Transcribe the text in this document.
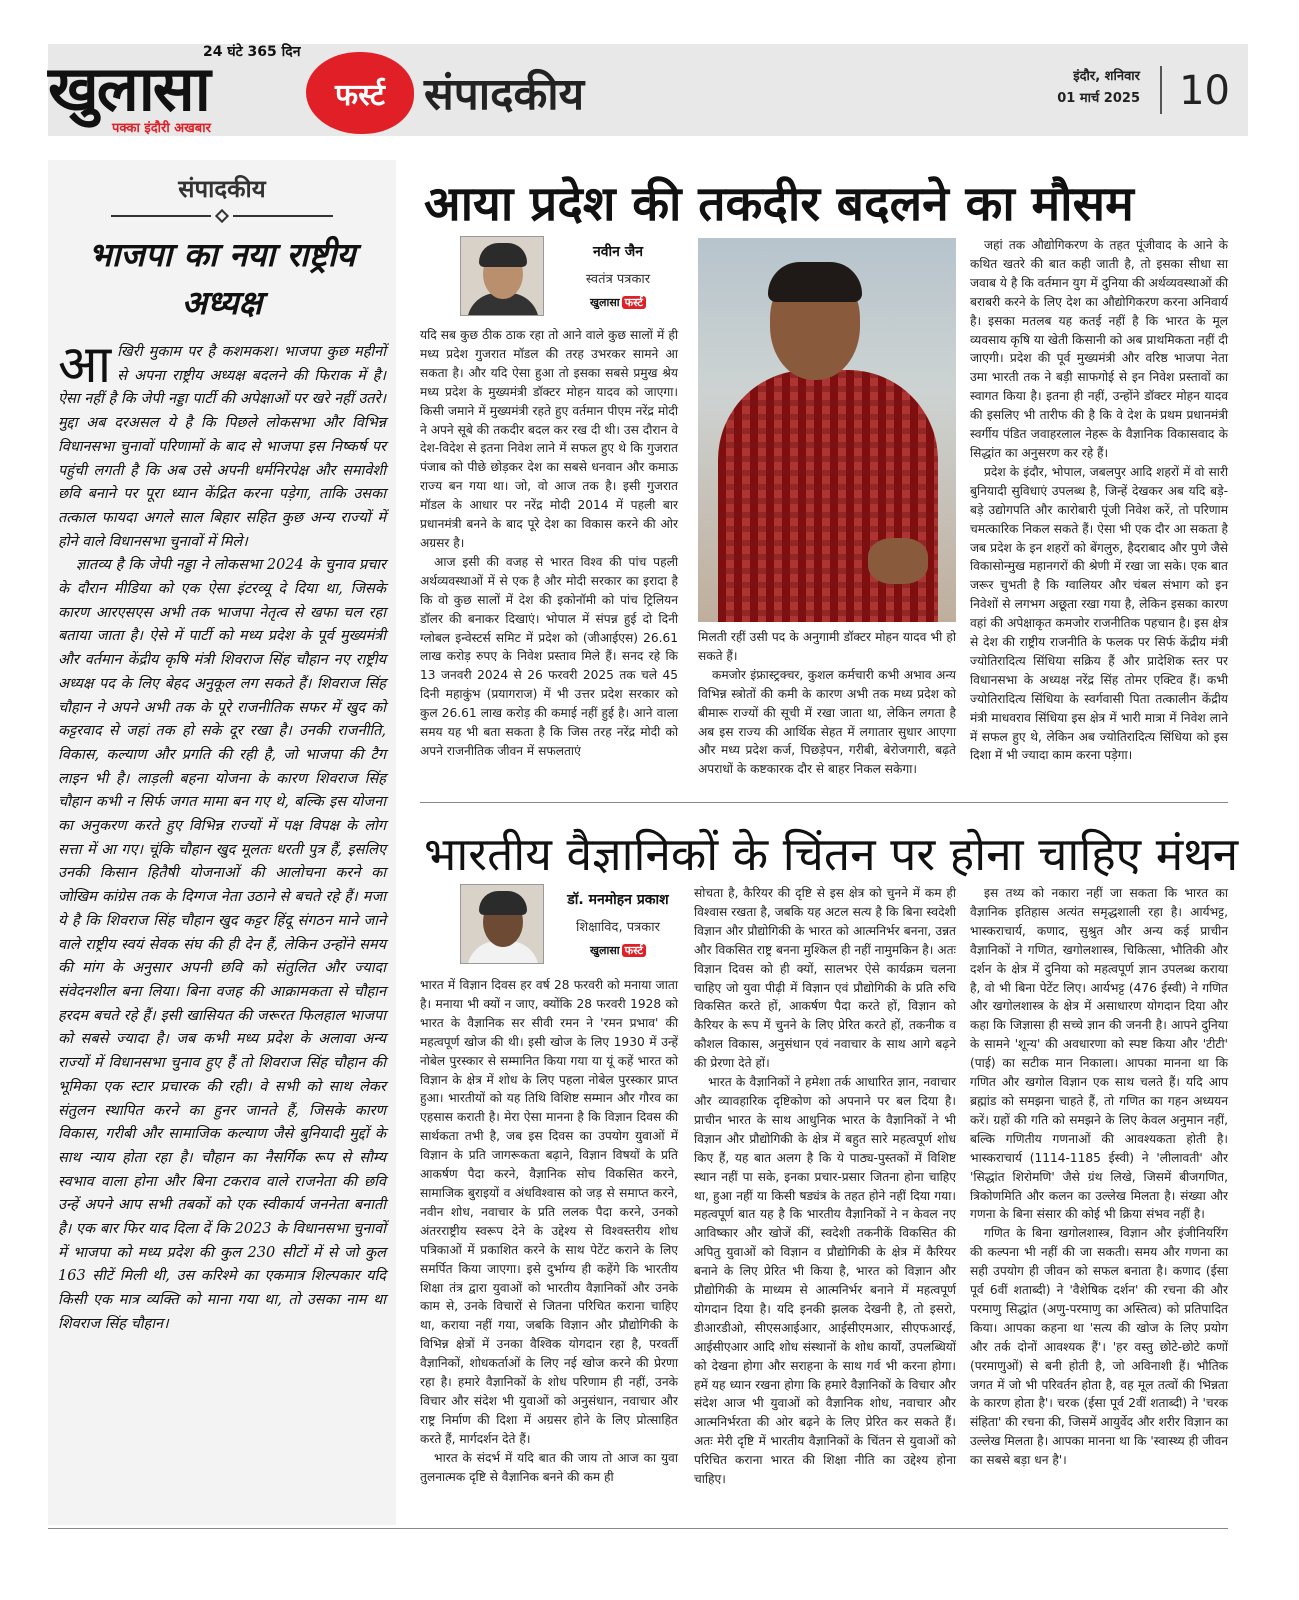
24 घंटे 365 दिन
खुलासा	फर्स्ट
पक्का इंदौरी अखबार
संपादकीय	इंदौर, शनिवार
01 मार्च 2025 10
संपादकीय
भाजपा का नया राष्ट्रीय अध्यक्ष

आखिरी मुकाम पर है कशमकश। भाजपा कुछ महीनों से अपना राष्ट्रीय अध्यक्ष बदलने की फिराक में है। ऐसा नहीं है कि जेपी नड्डा पार्टी की अपेक्षाओं पर खरे नहीं उतरे। मुद्दा अब दरअसल ये है कि पिछले लोकसभा और विभिन्न विधानसभा चुनावों परिणामों के बाद से भाजपा इस निष्कर्ष पर पहुंची लगती है कि अब उसे अपनी धर्मनिरपेक्ष और समावेशी छवि बनाने पर पूरा ध्यान केंद्रित करना पड़ेगा, ताकि उसका तत्काल फायदा अगले साल बिहार सहित कुछ अन्य राज्यों में होने वाले विधानसभा चुनावों में मिले।

ज्ञातव्य है कि जेपी नड्डा ने लोकसभा 2024 के चुनाव प्रचार के दौरान मीडिया को एक ऐसा इंटरव्यू दे दिया था, जिसके कारण आरएसएस अभी तक भाजपा नेतृत्व से खफा चल रहा बताया जाता है। ऐसे में पार्टी को मध्य प्रदेश के पूर्व मुख्यमंत्री और वर्तमान केंद्रीय कृषि मंत्री शिवराज सिंह चौहान नए राष्ट्रीय अध्यक्ष पद के लिए बेहद अनुकूल लग सकते हैं। शिवराज सिंह चौहान ने अपने अभी तक के पूरे राजनीतिक सफर में खुद को कट्टरवाद से जहां तक हो सके दूर रखा है। उनकी राजनीति, विकास, कल्याण और प्रगति की रही है, जो भाजपा की टैग लाइन भी है। लाड़ली बहना योजना के कारण शिवराज सिंह चौहान कभी न सिर्फ जगत मामा बन गए थे, बल्कि इस योजना का अनुकरण करते हुए विभिन्न राज्यों में पक्ष विपक्ष के लोग सत्ता में आ गए। चूंकि चौहान खुद मूलतः धरती पुत्र हैं, इसलिए उनकी किसान हितैषी योजनाओं की आलोचना करने का जोखिम कांग्रेस तक के दिग्गज नेता उठाने से बचते रहे हैं। मजा ये है कि शिवराज सिंह चौहान खुद कट्टर हिंदू संगठन माने जाने वाले राष्ट्रीय स्वयं सेवक संघ की ही देन हैं, लेकिन उन्होंने समय की मांग के अनुसार अपनी छवि को संतुलित और ज्यादा संवेदनशील बना लिया। बिना वजह की आक्रामकता से चौहान हरदम बचते रहे हैं। इसी खासियत की जरूरत फिलहाल भाजपा को सबसे ज्यादा है। जब कभी मध्य प्रदेश के अलावा अन्य राज्यों में विधानसभा चुनाव हुए हैं तो शिवराज सिंह चौहान की भूमिका एक स्टार प्रचारक की रही। वे सभी को साथ लेकर संतुलन स्थापित करने का हुनर जानते हैं, जिसके कारण विकास, गरीबी और सामाजिक कल्याण जैसे बुनियादी मुद्दों के साथ न्याय होता रहा है। चौहान का नैसर्गिक रूप से सौम्य स्वभाव वाला होना और बिना टकराव वाले राजनेता की छवि उन्हें अपने आप सभी तबकों को एक स्वीकार्य जननेता बनाती है। एक बार फिर याद दिला दें कि 2023 के विधानसभा चुनावों में भाजपा को मध्य प्रदेश की कुल 230 सीटों में से जो कुल 163 सीटें मिली थी, उस करिश्मे का एकमात्र शिल्पकार यदि किसी एक मात्र व्यक्ति को माना गया था, तो उसका नाम था शिवराज सिंह चौहान।

आया प्रदेश की तकदीर बदलने का मौसम
नवीन जैन
स्वतंत्र पत्रकार
खुलासा फर्स्ट

यदि सब कुछ ठीक ठाक रहा तो आने वाले कुछ सालों में ही मध्य प्रदेश गुजरात मॉडल की तरह उभरकर सामने आ सकता है। और यदि ऐसा हुआ तो इसका सबसे प्रमुख श्रेय मध्य प्रदेश के मुख्यमंत्री डॉक्टर मोहन यादव को जाएगा। किसी जमाने में मुख्यमंत्री रहते हुए वर्तमान पीएम नरेंद्र मोदी ने अपने सूबे की तकदीर बदल कर रख दी थी। उस दौरान वे देश-विदेश से इतना निवेश लाने में सफल हुए थे कि गुजरात पंजाब को पीछे छोड़कर देश का सबसे धनवान और कमाऊ राज्य बन गया था। जो, वो आज तक है। इसी गुजरात मॉडल के आधार पर नरेंद्र मोदी 2014 में पहली बार प्रधानमंत्री बनने के बाद पूरे देश का विकास करने की ओर अग्रसर है।

आज इसी की वजह से भारत विश्व की पांच पहली अर्थव्यवस्थाओं में से एक है और मोदी सरकार का इरादा है कि वो कुछ सालों में देश की इकोनॉमी को पांच ट्रिलियन डॉलर की बनाकर दिखाएं। भोपाल में संपन्न हुई दो दिनी ग्लोबल इन्वेस्टर्स समिट में प्रदेश को (जीआईएस) 26.61 लाख करोड़ रुपए के निवेश प्रस्ताव मिले हैं। सनद रहे कि 13 जनवरी 2024 से 26 फरवरी 2025 तक चले 45 दिनी महाकुंभ (प्रयागराज) में भी उत्तर प्रदेश सरकार को कुल 26.61 लाख करोड़ की कमाई नहीं हुई है। आने वाला समय यह भी बता सकता है कि जिस तरह नरेंद्र मोदी को अपने राजनीतिक जीवन में सफलताएं

मिलती रहीं उसी पद के अनुगामी डॉक्टर मोहन यादव भी हो सकते हैं।

कमजोर इंफ्रास्ट्रक्चर, कुशल कर्मचारी कभी अभाव अन्य विभिन्न स्त्रोतों की कमी के कारण अभी तक मध्य प्रदेश को बीमारू राज्यों की सूची में रखा जाता था, लेकिन लगता है अब इस राज्य की आर्थिक सेहत में लगातार सुधार आएगा और मध्य प्रदेश कर्ज, पिछड़ेपन, गरीबी, बेरोजगारी, बढ़ते अपराधों के कष्टकारक दौर से बाहर निकल सकेगा।

जहां तक औद्योगिकरण के तहत पूंजीवाद के आने के कथित खतरे की बात कही जाती है, तो इसका सीधा सा जवाब ये है कि वर्तमान युग में दुनिया की अर्थव्यवस्थाओं की बराबरी करने के लिए देश का औद्योगिकरण करना अनिवार्य है। इसका मतलब यह कतई नहीं है कि भारत के मूल व्यवसाय कृषि या खेती किसानी को अब प्राथमिकता नहीं दी जाएगी। प्रदेश की पूर्व मुख्यमंत्री और वरिष्ठ भाजपा नेता उमा भारती तक ने बड़ी साफगोई से इन निवेश प्रस्तावों का स्वागत किया है। इतना ही नहीं, उन्होंने डॉक्टर मोहन यादव की इसलिए भी तारीफ की है कि वे देश के प्रथम प्रधानमंत्री स्वर्गीय पंडित जवाहरलाल नेहरू के वैज्ञानिक विकासवाद के सिद्धांत का अनुसरण कर रहे हैं।

प्रदेश के इंदौर, भोपाल, जबलपुर आदि शहरों में वो सारी बुनियादी सुविधाएं उपलब्ध है, जिन्हें देखकर अब यदि बड़े-बड़े उद्योगपति और कारोबारी पूंजी निवेश करें, तो परिणाम चमत्कारिक निकल सकते हैं। ऐसा भी एक दौर आ सकता है जब प्रदेश के इन शहरों को बेंगलुरु, हैदराबाद और पुणे जैसे विकासोन्मुख महानगरों की श्रेणी में रखा जा सके। एक बात जरूर चुभती है कि ग्वालियर और चंबल संभाग को इन निवेशों से लगभग अछूता रखा गया है, लेकिन इसका कारण वहां की अपेक्षाकृत कमजोर राजनीतिक पहचान है। इस क्षेत्र से देश की राष्ट्रीय राजनीति के फलक पर सिर्फ केंद्रीय मंत्री ज्योतिरादित्य सिंधिया सक्रिय हैं और प्रादेशिक स्तर पर विधानसभा के अध्यक्ष नरेंद्र सिंह तोमर एक्टिव हैं। कभी ज्योतिरादित्य सिंधिया के स्वर्गवासी पिता तत्कालीन केंद्रीय मंत्री माधवराव सिंधिया इस क्षेत्र में भारी मात्रा में निवेश लाने में सफल हुए थे, लेकिन अब ज्योतिरादित्य सिंधिया को इस दिशा में भी ज्यादा काम करना पड़ेगा।

भारतीय वैज्ञानिकों के चिंतन पर होना चाहिए मंथन
डॉ. मनमोहन प्रकाश
शिक्षाविद, पत्रकार
खुलासा फर्स्ट

भारत में विज्ञान दिवस हर वर्ष 28 फरवरी को मनाया जाता है। मनाया भी क्यों न जाए, क्योंकि 28 फरवरी 1928 को भारत के वैज्ञानिक सर सीवी रमन ने 'रमन प्रभाव' की महत्वपूर्ण खोज की थी। इसी खोज के लिए 1930 में उन्हें नोबेल पुरस्कार से सम्मानित किया गया या यूं कहें भारत को विज्ञान के क्षेत्र में शोध के लिए पहला नोबेल पुरस्कार प्राप्त हुआ। भारतीयों को यह तिथि विशिष्ट सम्मान और गौरव का एहसास कराती है। मेरा ऐसा मानना है कि विज्ञान दिवस की सार्थकता तभी है, जब इस दिवस का उपयोग युवाओं में विज्ञान के प्रति जागरूकता बढ़ाने, विज्ञान विषयों के प्रति आकर्षण पैदा करने, वैज्ञानिक सोच विकसित करने, सामाजिक बुराइयों व अंधविश्वास को जड़ से समाप्त करने, नवीन शोध, नवाचार के प्रति ललक पैदा करने, उनको अंतरराष्ट्रीय स्वरूप देने के उद्देश्य से विश्वस्तरीय शोध पत्रिकाओं में प्रकाशित करने के साथ पेटेंट कराने के लिए समर्पित किया जाएगा। इसे दुर्भाग्य ही कहेंगे कि भारतीय शिक्षा तंत्र द्वारा युवाओं को भारतीय वैज्ञानिकों और उनके काम से, उनके विचारों से जितना परिचित कराना चाहिए था, कराया नहीं गया, जबकि विज्ञान और प्रौद्योगिकी के विभिन्न क्षेत्रों में उनका वैश्विक योगदान रहा है, परवर्ती वैज्ञानिकों, शोधकर्ताओं के लिए नई खोज करने की प्रेरणा रहा है। हमारे वैज्ञानिकों के शोध परिणाम ही नहीं, उनके विचार और संदेश भी युवाओं को अनुसंधान, नवाचार और राष्ट्र निर्माण की दिशा में अग्रसर होने के लिए प्रोत्साहित करते हैं, मार्गदर्शन देते हैं।

भारत के संदर्भ में यदि बात की जाय तो आज का युवा तुलनात्मक दृष्टि से वैज्ञानिक बनने की कम ही

सोचता है, कैरियर की दृष्टि से इस क्षेत्र को चुनने में कम ही विश्वास रखता है, जबकि यह अटल सत्य है कि बिना स्वदेशी विज्ञान और प्रौद्योगिकी के भारत को आत्मनिर्भर बनना, उन्नत और विकसित राष्ट्र बनना मुश्किल ही नहीं नामुमकिन है। अतः विज्ञान दिवस को ही क्यों, सालभर ऐसे कार्यक्रम चलना चाहिए जो युवा पीढ़ी में विज्ञान एवं प्रौद्योगिकी के प्रति रुचि विकसित करते हों, आकर्षण पैदा करते हों, विज्ञान को कैरियर के रूप में चुनने के लिए प्रेरित करते हों, तकनीक व कौशल विकास, अनुसंधान एवं नवाचार के साथ आगे बढ़ने की प्रेरणा देते हों।

भारत के वैज्ञानिकों ने हमेशा तर्क आधारित ज्ञान, नवाचार और व्यावहारिक दृष्टिकोण को अपनाने पर बल दिया है। प्राचीन भारत के साथ आधुनिक भारत के वैज्ञानिकों ने भी विज्ञान और प्रौद्योगिकी के क्षेत्र में बहुत सारे महत्वपूर्ण शोध किए हैं, यह बात अलग है कि ये पाठ्य-पुस्तकों में विशिष्ट स्थान नहीं पा सके, इनका प्रचार-प्रसार जितना होना चाहिए था, हुआ नहीं या किसी षड्यंत्र के तहत होने नहीं दिया गया। महत्वपूर्ण बात यह है कि भारतीय वैज्ञानिकों ने न केवल नए आविष्कार और खोजें कीं, स्वदेशी तकनीकें विकसित की अपितु युवाओं को विज्ञान व प्रौद्योगिकी के क्षेत्र में कैरियर बनाने के लिए प्रेरित भी किया है, भारत को विज्ञान और प्रौद्योगिकी के माध्यम से आत्मनिर्भर बनाने में महत्वपूर्ण योगदान दिया है। यदि इनकी झलक देखनी है, तो इसरो, डीआरडीओ, सीएसआईआर, आईसीएमआर, सीएफआरई, आईसीएआर आदि शोध संस्थानों के शोध कार्यों, उपलब्धियों को देखना होगा और सराहना के साथ गर्व भी करना होगा। हमें यह ध्यान रखना होगा कि हमारे वैज्ञानिकों के विचार और संदेश आज भी युवाओं को वैज्ञानिक शोध, नवाचार और आत्मनिर्भरता की ओर बढ़ने के लिए प्रेरित कर सकते हैं। अतः मेरी दृष्टि में भारतीय वैज्ञानिकों के चिंतन से युवाओं को परिचित कराना भारत की शिक्षा नीति का उद्देश्य होना चाहिए।

इस तथ्य को नकारा नहीं जा सकता कि भारत का वैज्ञानिक इतिहास अत्यंत समृद्धशाली रहा है। आर्यभट्ट, भास्कराचार्य, कणाद, सुश्रुत और अन्य कई प्राचीन वैज्ञानिकों ने गणित, खगोलशास्त्र, चिकित्सा, भौतिकी और दर्शन के क्षेत्र में दुनिया को महत्वपूर्ण ज्ञान उपलब्ध कराया है, वो भी बिना पेटेंट लिए। आर्यभट्ट (476 ईस्वी) ने गणित और खगोलशास्त्र के क्षेत्र में असाधारण योगदान दिया और कहा कि जिज्ञासा ही सच्चे ज्ञान की जननी है। आपने दुनिया के सामने 'शून्य' की अवधारणा को स्पष्ट किया और 'टीटी' (पाई) का सटीक मान निकाला। आपका मानना था कि गणित और खगोल विज्ञान एक साथ चलते हैं। यदि आप ब्रह्मांड को समझना चाहते हैं, तो गणित का गहन अध्ययन करें। ग्रहों की गति को समझने के लिए केवल अनुमान नहीं, बल्कि गणितीय गणनाओं की आवश्यकता होती है। भास्कराचार्य (1114-1185 ईस्वी) ने 'लीलावती' और 'सिद्धांत शिरोमणि' जैसे ग्रंथ लिखे, जिसमें बीजगणित, त्रिकोणमिति और कलन का उल्लेख मिलता है। संख्या और गणना के बिना संसार की कोई भी क्रिया संभव नहीं है।

गणित के बिना खगोलशास्त्र, विज्ञान और इंजीनियरिंग की कल्पना भी नहीं की जा सकती। समय और गणना का सही उपयोग ही जीवन को सफल बनाता है। कणाद (ईसा पूर्व 6वीं शताब्दी) ने 'वैशेषिक दर्शन' की रचना की और परमाणु सिद्धांत (अणु-परमाणु का अस्तित्व) को प्रतिपादित किया। आपका कहना था 'सत्य की खोज के लिए प्रयोग और तर्क दोनों आवश्यक हैं'। 'हर वस्तु छोटे-छोटे कणों (परमाणुओं) से बनी होती है, जो अविनाशी हैं। भौतिक जगत में जो भी परिवर्तन होता है, वह मूल तत्वों की भिन्नता के कारण होता है'। चरक (ईसा पूर्व 2वीं शताब्दी) ने 'चरक संहिता' की रचना की, जिसमें आयुर्वेद और शरीर विज्ञान का उल्लेख मिलता है। आपका मानना था कि 'स्वास्थ्य ही जीवन का सबसे बड़ा धन है'।
